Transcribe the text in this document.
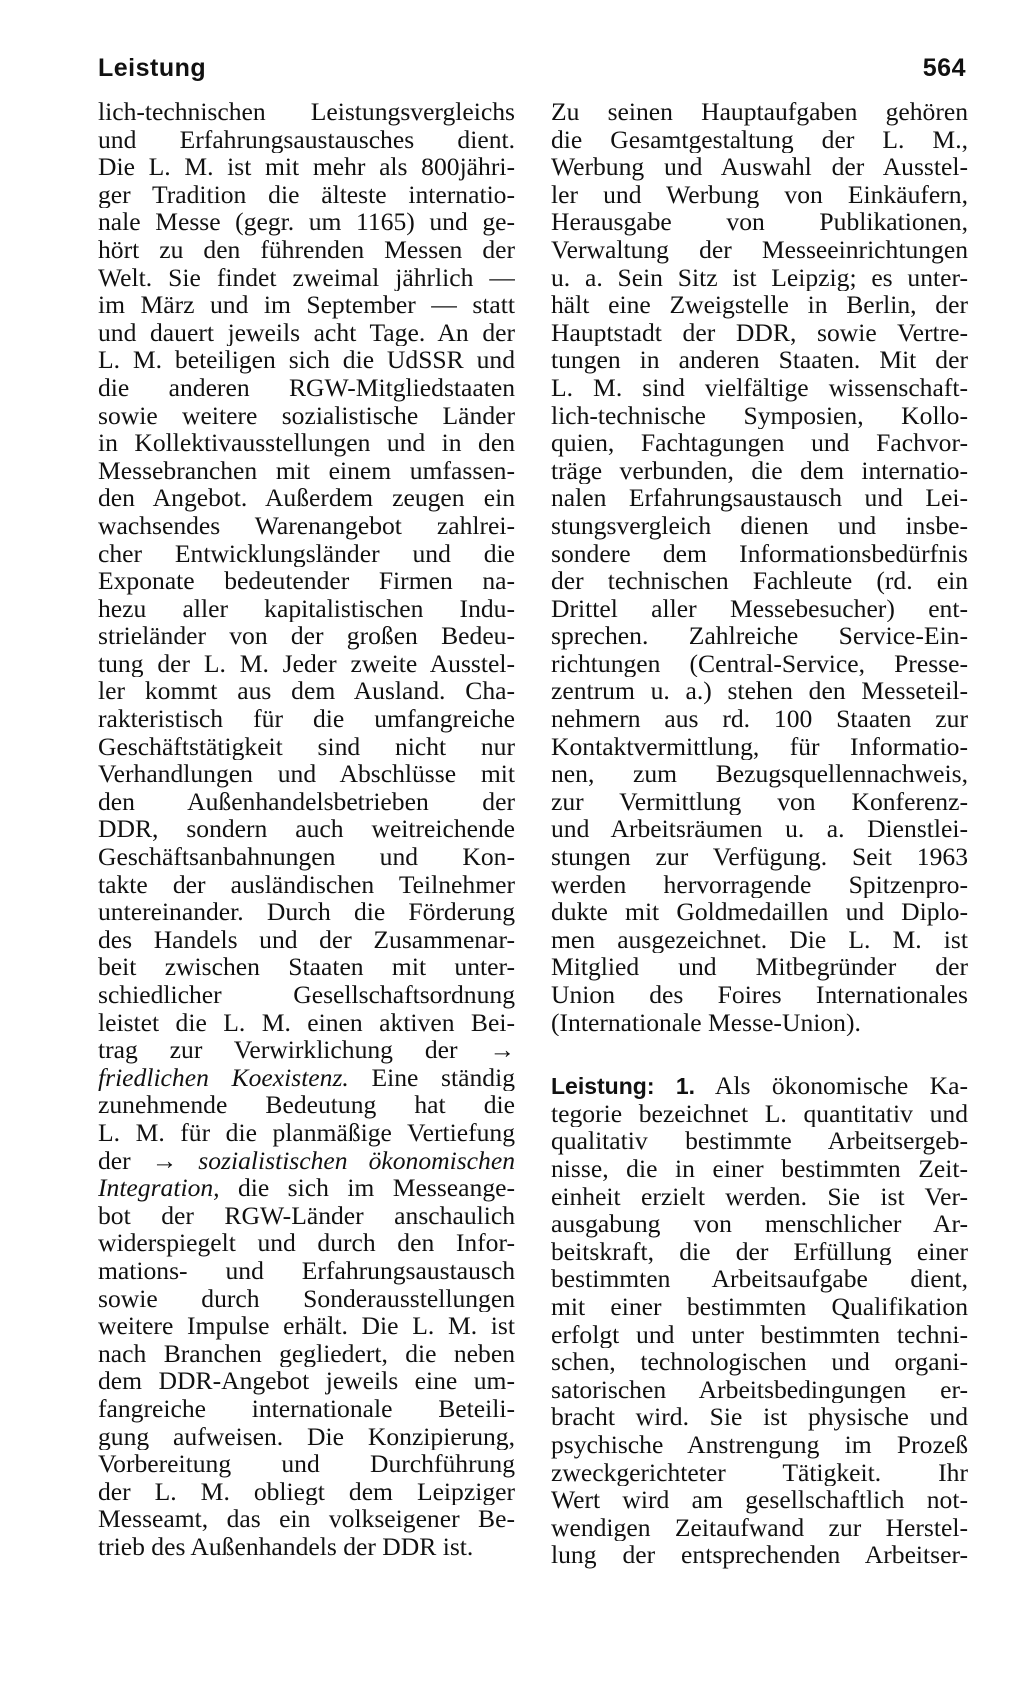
Leistung	564
lich-technischen Leistungsvergleichs
und Erfahrungsaustausches dient.
Die L. M. ist mit mehr als 800jähri-
ger Tradition die älteste internatio-
nale Messe (gegr. um 1165) und ge-
hört zu den führenden Messen der
Welt. Sie findet zweimal jährlich —
im März und im September — statt
und dauert jeweils acht Tage. An der
L. M. beteiligen sich die UdSSR und
die anderen RGW-Mitgliedstaaten
sowie weitere sozialistische Länder
in Kollektivausstellungen und in den
Messebranchen mit einem umfassen-
den Angebot. Außerdem zeugen ein
wachsendes Warenangebot zahlrei-
cher Entwicklungsländer und die
Exponate bedeutender Firmen na-
hezu aller kapitalistischen Indu-
strieländer von der großen Bedeu-
tung der L. M. Jeder zweite Ausstel-
ler kommt aus dem Ausland. Cha-
rakteristisch für die umfangreiche
Geschäftstätigkeit sind nicht nur
Verhandlungen und Abschlüsse mit
den Außenhandelsbetrieben der
DDR, sondern auch weitreichende
Geschäftsanbahnungen und Kon-
takte der ausländischen Teilnehmer
untereinander. Durch die Förderung
des Handels und der Zusammenar-
beit zwischen Staaten mit unter-
schiedlicher Gesellschaftsordnung
leistet die L. M. einen aktiven Bei-
trag zur Verwirklichung der →
friedlichen Koexistenz. Eine ständig
zunehmende Bedeutung hat die
L. M. für die planmäßige Vertiefung
der → sozialistischen ökonomischen
Integration, die sich im Messeange-
bot der RGW-Länder anschaulich
widerspiegelt und durch den Infor-
mations- und Erfahrungsaustausch
sowie durch Sonderausstellungen
weitere Impulse erhält. Die L. M. ist
nach Branchen gegliedert, die neben
dem DDR-Angebot jeweils eine um-
fangreiche internationale Beteili-
gung aufweisen. Die Konzipierung,
Vorbereitung und Durchführung
der L. M. obliegt dem Leipziger
Messeamt, das ein volkseigener Be-
trieb des Außenhandels der DDR ist.
Zu seinen Hauptaufgaben gehören
die Gesamtgestaltung der L. M.,
Werbung und Auswahl der Ausstel-
ler und Werbung von Einkäufern,
Herausgabe von Publikationen,
Verwaltung der Messeeinrichtungen
u. a. Sein Sitz ist Leipzig; es unter-
hält eine Zweigstelle in Berlin, der
Hauptstadt der DDR, sowie Vertre-
tungen in anderen Staaten. Mit der
L. M. sind vielfältige wissenschaft-
lich-technische Symposien, Kollo-
quien, Fachtagungen und Fachvor-
träge verbunden, die dem internatio-
nalen Erfahrungsaustausch und Lei-
stungsvergleich dienen und insbe-
sondere dem Informationsbedürfnis
der technischen Fachleute (rd. ein
Drittel aller Messebesucher) ent-
sprechen. Zahlreiche Service-Ein-
richtungen (Central-Service, Presse-
zentrum u. a.) stehen den Messeteil-
nehmern aus rd. 100 Staaten zur
Kontaktvermittlung, für Informatio-
nen, zum Bezugsquellennachweis,
zur Vermittlung von Konferenz-
und Arbeitsräumen u. a. Dienstlei-
stungen zur Verfügung. Seit 1963
werden hervorragende Spitzenpro-
dukte mit Goldmedaillen und Diplo-
men ausgezeichnet. Die L. M. ist
Mitglied und Mitbegründer der
Union des Foires Internationales
(Internationale Messe-Union).
Leistung: 1. Als ökonomische Ka-
tegorie bezeichnet L. quantitativ und
qualitativ bestimmte Arbeitsergeb-
nisse, die in einer bestimmten Zeit-
einheit erzielt werden. Sie ist Ver-
ausgabung von menschlicher Ar-
beitskraft, die der Erfüllung einer
bestimmten Arbeitsaufgabe dient,
mit einer bestimmten Qualifikation
erfolgt und unter bestimmten techni-
schen, technologischen und organi-
satorischen Arbeitsbedingungen er-
bracht wird. Sie ist physische und
psychische Anstrengung im Prozeß
zweckgerichteter Tätigkeit. Ihr
Wert wird am gesellschaftlich not-
wendigen Zeitaufwand zur Herstel-
lung der entsprechenden Arbeitser-
